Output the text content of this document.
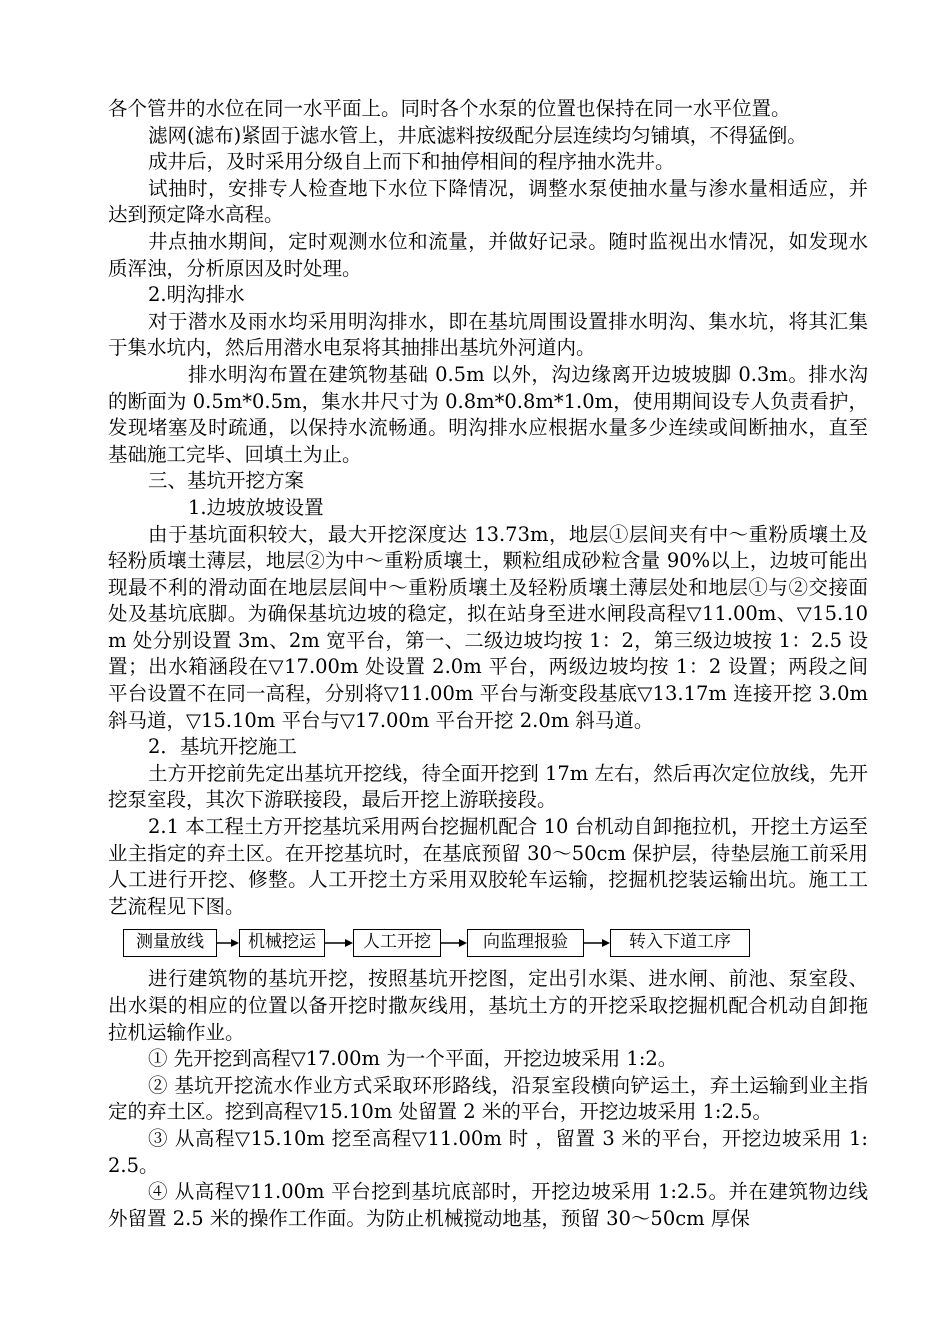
各个管井的水位在同一水平面上。同时各个水泵的位置也保持在同一水平位置。

滤网(滤布)紧固于滤水管上，井底滤料按级配分层连续均匀铺填，不得猛倒。

成井后，及时采用分级自上而下和抽停相间的程序抽水洗井。

试抽时，安排专人检查地下水位下降情况，调整水泵使抽水量与渗水量相适应，并达到预定降水高程。

井点抽水期间，定时观测水位和流量，并做好记录。随时监视出水情况，如发现水质浑浊，分析原因及时处理。

2.明沟排水

对于潜水及雨水均采用明沟排水，即在基坑周围设置排水明沟、集水坑，将其汇集于集水坑内，然后用潜水电泵将其抽排出基坑外河道内。

排水明沟布置在建筑物基础 0.5m 以外，沟边缘离开边坡坡脚 0.3m。排水沟的断面为 0.5m*0.5m，集水井尺寸为 0.8m*0.8m*1.0m，使用期间设专人负责看护，发现堵塞及时疏通，以保持水流畅通。明沟排水应根据水量多少连续或间断抽水，直至基础施工完毕、回填土为止。

三、基坑开挖方案

1.边坡放坡设置

由于基坑面积较大，最大开挖深度达 13.73m，地层①层间夹有中～重粉质壤土及轻粉质壤土薄层，地层②为中～重粉质壤土，颗粒组成砂粒含量 90%以上，边坡可能出现最不利的滑动面在地层层间中～重粉质壤土及轻粉质壤土薄层处和地层①与②交接面处及基坑底脚。为确保基坑边坡的稳定，拟在站身至进水闸段高程▽11.00m、▽15.10m 处分别设置 3m、2m 宽平台，第一、二级边坡均按 1：2，第三级边坡按 1：2.5 设置；出水箱涵段在▽17.00m 处设置 2.0m 平台，两级边坡均按 1：2 设置；两段之间平台设置不在同一高程，分别将▽11.00m 平台与渐变段基底▽13.17m 连接开挖 3.0m 斜马道，▽15.10m 平台与▽17.00m 平台开挖 2.0m 斜马道。

2．基坑开挖施工

土方开挖前先定出基坑开挖线，待全面开挖到 17m 左右，然后再次定位放线，先开挖泵室段，其次下游联接段，最后开挖上游联接段。

2.1 本工程土方开挖基坑采用两台挖掘机配合 10 台机动自卸拖拉机，开挖土方运至业主指定的弃土区。在开挖基坑时，在基底预留 30～50cm 保护层，待垫层施工前采用人工进行开挖、修整。人工开挖土方采用双胶轮车运输，挖掘机挖装运输出坑。施工工艺流程见下图。

测量放线	机械挖运	人工开挖	向监理报验	转入下道工序

进行建筑物的基坑开挖，按照基坑开挖图，定出引水渠、进水闸、前池、泵室段、出水渠的相应的位置以备开挖时撒灰线用，基坑土方的开挖采取挖掘机配合机动自卸拖拉机运输作业。

① 先开挖到高程▽17.00m 为一个平面，开挖边坡采用 1:2。

② 基坑开挖流水作业方式采取环形路线，沿泵室段横向铲运土，弃土运输到业主指定的弃土区。挖到高程▽15.10m 处留置 2 米的平台，开挖边坡采用 1:2.5。

③ 从高程▽15.10m 挖至高程▽11.00m 时 ，留置 3 米的平台，开挖边坡采用 1:2.5。

④ 从高程▽11.00m 平台挖到基坑底部时，开挖边坡采用 1:2.5。并在建筑物边线外留置 2.5 米的操作工作面。为防止机械搅动地基，预留 30～50cm 厚保
